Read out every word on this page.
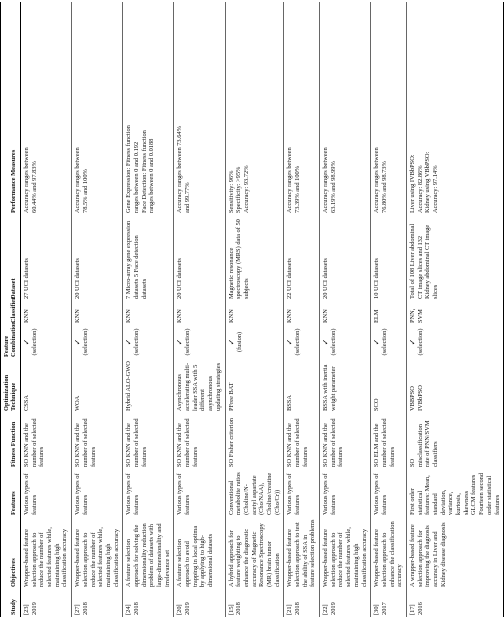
Study	Objectives	Features	Fitness Function	Optimization Technique	Feature Combination	Classifier	Dataset	Performance Measures

[23] 2019	Wrapper-based feature selection approach to reduce the number of selected features while, maintaining high classification accuracy	Various types of features	SO KNN and the number of selected features	CSSA	✓ (selection)	KNN	27 UCI datasets	Accuracy ranges between 60.44% and 97.83%

[27] 2018	Wrapper-based feature selection approach to reduce the number of selected features while, maintaining high classification accuracy	Various types of features	SO KNN and the number of selected features	WOA	✓ (selection)	KNN	20 UCI datasets	Accuracy ranges between 78.5% and 100%

[24] 2018	A feature selection approach for solving the dimensionality reduction problem of datasets with large-dimensionality and irrelevance set	Various types of features	SO KNN and the number of selected features	Hybrid ALO-GWO	✓ (selection)	KNN	7 Micro-array gene expression datasets 5 Face detection datasets	Gene Expression: Fitness function ranges between 0 and 0.192 Face Detection: Fitness function ranges between 0 and 0.0188

[20] 2019	A feature selection approach to avoid trapping in local optima by applying to high-dimensional datasets	Various types of features	SO KNN and the number of selected features	Asynchronous accelerating multi-leader SSA with 5 different asynchronous updating strategies	✓ (selection)	KNN	20 UCI datasets	Accuracy ranges between 73.64% and 99.77%

[15] 2018	A hybrid approach for feature weighting to enhance the diagnostic accuracy of Magnetic Resonance Spectroscopy (MR) brain tumor classification	Conventional metabolite ratios (Choline/N-acetyl aspartate (Cho/NAA), Choline/creatine (Cho/Cr))	SO Fisher criterion	PFree BAT	✓ (fusion)	KNN	Magnetic resonance spectroscopy (MRS) data of 50 subjects	Sensitivity: 96% Specificity: >95% Accuracy: 93.72%

[21] 2018	Wrapper-based feature selection approach to test the ability of SSA in feature selection problems	Various types of features	SO KNN and the number of selected features	BSSA	✓ (selection)	KNN	22 UCI datasets	Accuracy ranges between 73.39% and 100%

[22] 2019	Wrapper-based feature selection approach to reduce the number of selected features while, maintaining high classification accuracy	Various types of features	SO KNN and the number of selected features	BSSA with inertia weight parameter	✓ (selection)	KNN	20 UCI datasets	Accuracy ranges between 63.19% and 98.99%

[30] 2017	Wrapper-based feature selection approach to enhance the classification accuracy	Various types of features	SO ELM and the number of selected features	SCO	✓ (selection)	ELM	10 UCI datasets	Accuracy ranges between 76.80% and 98.73%

[17] 2016	A wrapper-based feature selection approach for improving the diagnosis accuracy in Liver and Kidney disease diagnosis	First order statistical features: Mean, standard deviation, variance, kurtosis, skewness GLCM features Fourteen second order statistical features	SO misclassification rate of PNN/SVM classifiers	VBBPSO IVBbPSO	✓ (selection)	PNN, SVM	Total of 108 Liver abdominal CT image slices and 132 Kidney abdominal CT image slices	Liver using IVBbPSO: Accuracy: 82.86% Kidney using VBbPSO: Accuracy: 97.14%
